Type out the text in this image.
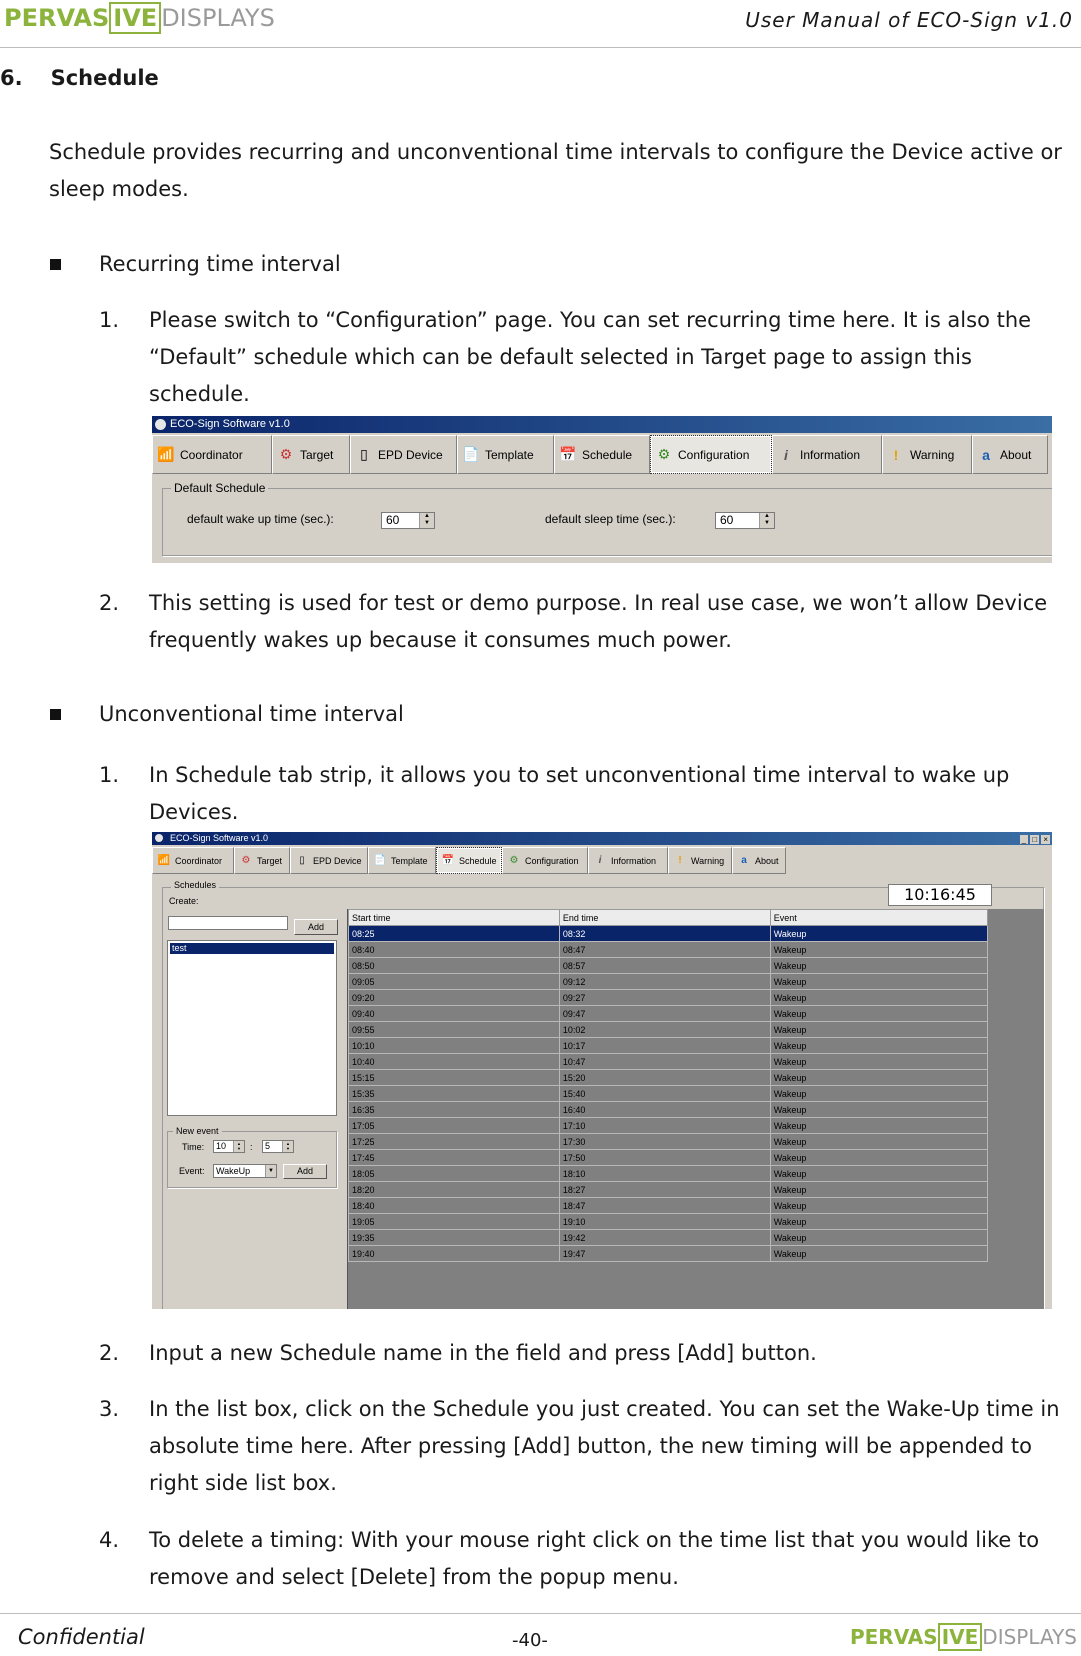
PERVAS IVE DISPLAYS	User Manual of ECO-Sign v1.0
6. Schedule
Schedule provides recurring and unconventional time intervals to configure the Device active or sleep modes.
Recurring time interval
1. Please switch to “Configuration” page. You can set recurring time here. It is also the “Default” schedule which can be default selected in Target page to assign this schedule.
ECO-Sign Software v1.0
📶 Coordinator	⚙ Target	▯ EPD Device 📄 Template 📅 Schedule ⚙ Configuration	i	Information	! Warning	a About
Default Schedule
default wake up time (sec.):	60	▲
▼	default sleep time (sec.):	60	▲
▼
2. This setting is used for test or demo purpose. In real use case, we won’t allow Device frequently wakes up because it consumes much power.
Unconventional time interval
1. In Schedule tab strip, it allows you to set unconventional time interval to wake up Devices.
ECO-Sign Software v1.0	_ □ ×
📶 Coordinator	⚙ Target	▯ EPD Device 📄 Template 📅 Schedule	⚙ Configuration	i	Information	!	Warning	a About
Schedules
Create:
Add
test
New event
Time: 10	▲
▼	: 5	▲
▼
Event: WakeUp	▼	Add
10:16:45
Start time	End time	Event
08:25	08:32	Wakeup
08:40	08:47	Wakeup
08:50	08:57	Wakeup
09:05	09:12	Wakeup
09:20	09:27	Wakeup
09:40	09:47	Wakeup
09:55	10:02	Wakeup
10:10	10:17	Wakeup
10:40	10:47	Wakeup
15:15	15:20	Wakeup
15:35	15:40	Wakeup
16:35	16:40	Wakeup
17:05	17:10	Wakeup
17:25	17:30	Wakeup
17:45	17:50	Wakeup
18:05	18:10	Wakeup
18:20	18:27	Wakeup
18:40	18:47	Wakeup
19:05	19:10	Wakeup
19:35	19:42	Wakeup
19:40	19:47	Wakeup
2. Input a new Schedule name in the field and press [Add] button.
3. In the list box, click on the Schedule you just created. You can set the Wake-Up time in absolute time here. After pressing [Add] button, the new timing will be appended to right side list box.
4. To delete a timing: With your mouse right click on the time list that you would like to remove and select [Delete] from the popup menu.
Confidential	-40-	PERVAS IVE DISPLAYS
